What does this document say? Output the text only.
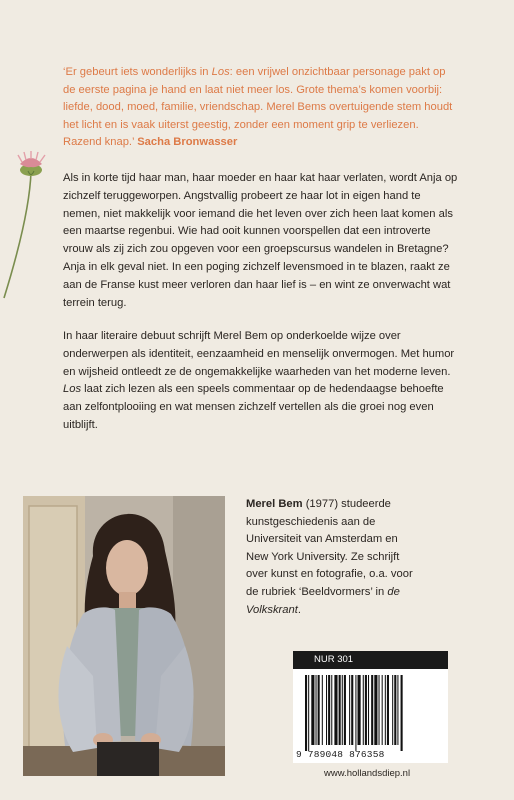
‘Er gebeurt iets wonderlijks in Los: een vrijwel onzichtbaar personage pakt op de eerste pagina je hand en laat niet meer los. Grote thema’s komen voorbij: liefde, dood, moed, familie, vriendschap. Merel Bems overtuigende stem houdt het licht en is vaak uiterst geestig, zonder een moment grip te verliezen. Razend knap.’ Sacha Bronwasser
Als in korte tijd haar man, haar moeder en haar kat haar verlaten, wordt Anja op zichzelf teruggeworpen. Angstvallig probeert ze haar lot in eigen hand te nemen, niet makkelijk voor iemand die het leven over zich heen laat komen als een maartse regenbui. Wie had ooit kunnen voorspellen dat een introverte vrouw als zij zich zou opgeven voor een groepscursus wandelen in Bretagne? Anja in elk geval niet. In een poging zichzelf levensmoed in te blazen, raakt ze aan de Franse kust meer verloren dan haar lief is – en wint ze onverwacht wat terrein terug.
In haar literaire debuut schrijft Merel Bem op onderkoelde wijze over onderwerpen als identiteit, eenzaamheid en menselijk onvermogen. Met humor en wijsheid ontleedt ze de ongemakkelijke waarheden van het moderne leven. Los laat zich lezen als een speels commentaar op de hedendaagse behoefte aan zelfontplooiing en wat mensen zichzelf vertellen als die groei nog even uitblijft.
Merel Bem (1977) studeerde kunstgeschiedenis aan de Universiteit van Amsterdam en New York University. Ze schrijft over kunst en fotografie, o.a. voor de rubriek ‘Beeldvormers’ in de Volkskrant.
NUR 301
9 789048 876358
www.hollandsdiep.nl
